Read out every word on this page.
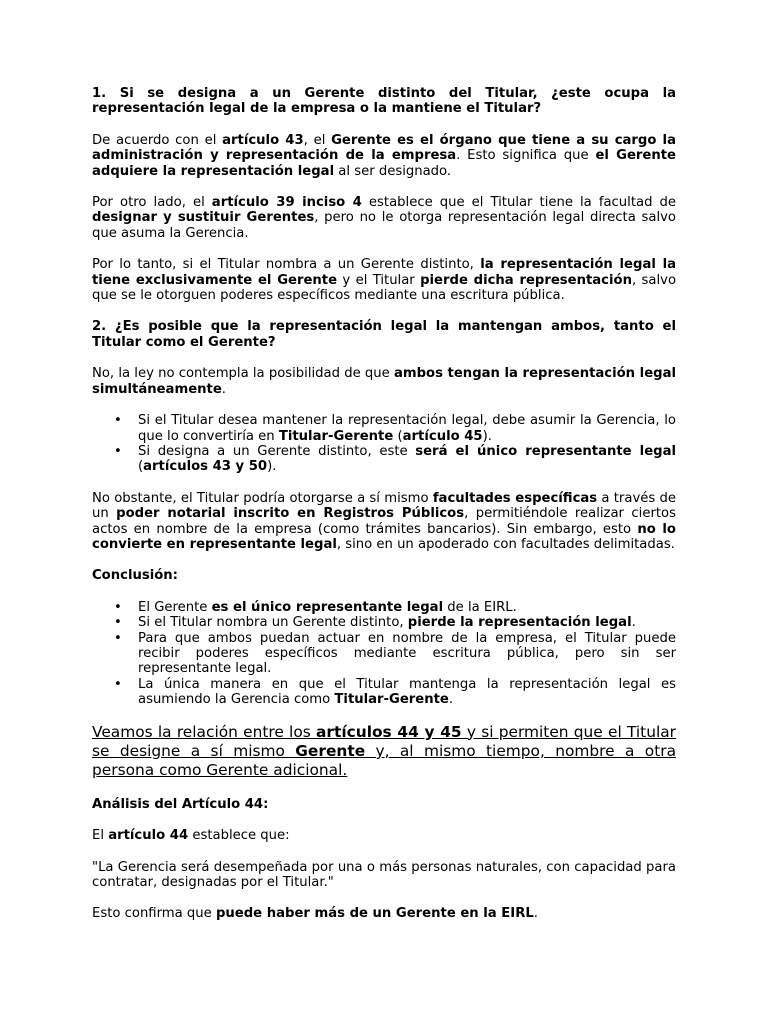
1. Si se designa a un Gerente distinto del Titular, ¿este ocupa la representación legal de la empresa o la mantiene el Titular?

De acuerdo con el artículo 43, el Gerente es el órgano que tiene a su cargo la administración y representación de la empresa. Esto significa que el Gerente adquiere la representación legal al ser designado.

Por otro lado, el artículo 39 inciso 4 establece que el Titular tiene la facultad de designar y sustituir Gerentes, pero no le otorga representación legal directa salvo que asuma la Gerencia.

Por lo tanto, si el Titular nombra a un Gerente distinto, la representación legal la tiene exclusivamente el Gerente y el Titular pierde dicha representación, salvo que se le otorguen poderes específicos mediante una escritura pública.

2. ¿Es posible que la representación legal la mantengan ambos, tanto el Titular como el Gerente?

No, la ley no contempla la posibilidad de que ambos tengan la representación legal simultáneamente.

• Si el Titular desea mantener la representación legal, debe asumir la Gerencia, lo que lo convertiría en Titular-Gerente (artículo 45).
• Si designa a un Gerente distinto, este será el único representante legal (artículos 43 y 50).

No obstante, el Titular podría otorgarse a sí mismo facultades específicas a través de un poder notarial inscrito en Registros Públicos, permitiéndole realizar ciertos actos en nombre de la empresa (como trámites bancarios). Sin embargo, esto no lo convierte en representante legal, sino en un apoderado con facultades delimitadas.

Conclusión:

• El Gerente es el único representante legal de la EIRL.
• Si el Titular nombra un Gerente distinto, pierde la representación legal.
• Para que ambos puedan actuar en nombre de la empresa, el Titular puede recibir poderes específicos mediante escritura pública, pero sin ser representante legal.
• La única manera en que el Titular mantenga la representación legal es asumiendo la Gerencia como Titular-Gerente.

Veamos la relación entre los artículos 44 y 45 y si permiten que el Titular se designe a sí mismo Gerente y, al mismo tiempo, nombre a otra persona como Gerente adicional.

Análisis del Artículo 44:

El artículo 44 establece que:

"La Gerencia será desempeñada por una o más personas naturales, con capacidad para contratar, designadas por el Titular."

Esto confirma que puede haber más de un Gerente en la EIRL.
